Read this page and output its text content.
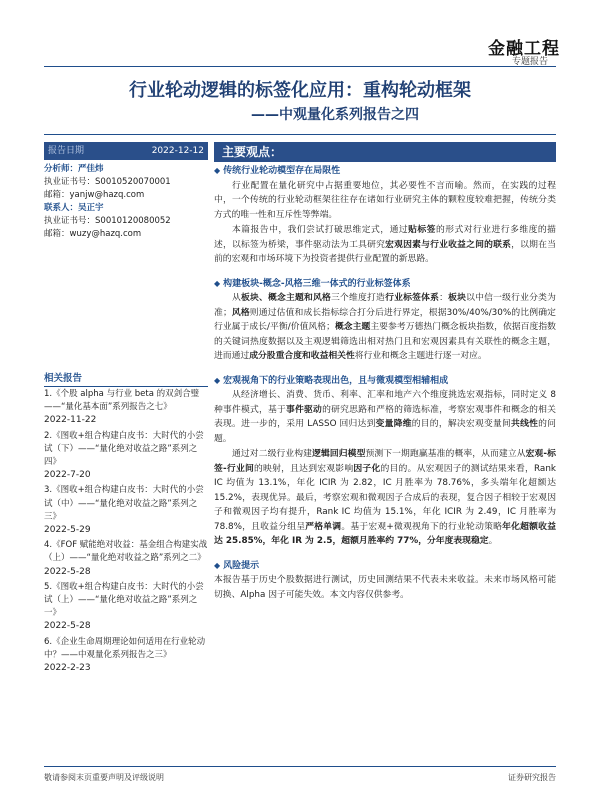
金融工程
专题报告
行业轮动逻辑的标签化应用：重构轮动框架
——中观量化系列报告之四
报告日期	2022-12-12
分析师：严佳炜
执业证书号：S0010520070001
邮箱：yanjw@hazq.com
联系人：吴正宇
执业证书号：S0010120080052
邮箱：wuzy@hazq.com
相关报告
1.《个股 alpha 与行业 beta 的双剑合璧——“量化基本面”系列报告之七》
2022-11-22
2.《图收+组合构建白皮书：大时代的小尝试（下）——“量化绝对收益之路”系列之四》
2022-7-20
3.《图收+组合构建白皮书：大时代的小尝试（中）——“量化绝对收益之路”系列之三》
2022-5-29
4.《FOF 赋能绝对收益：基金组合构建实战（上）——“量化绝对收益之路”系列之二》
2022-5-28
5.《图收+组合构建白皮书：大时代的小尝试（上）——“量化绝对收益之路”系列之一》
2022-5-28
6.《企业生命周期理论如何适用在行业轮动中？——中观量化系列报告之三》
2022-2-23
主要观点：
◆ 传统行业轮动模型存在局限性

行业配置在量化研究中占据重要地位，其必要性不言而喻。然而，在实践的过程中，一个传统的行业轮动框架往往存在诸如行业研究主体的颗粒度较难把握，传统分类方式的唯一性和互斥性等弊端。

本篇报告中，我们尝试打破思维定式，通过贴标签的形式对行业进行多维度的描述，以标签为桥梁，事件驱动法为工具研究宏观因素与行业收益之间的联系，以期在当前的宏观和市场环境下为投资者提供行业配置的新思路。

◆ 构建板块-概念-风格三维一体式的行业标签体系

从板块、概念主题和风格三个维度打造行业标签体系：板块以中信一级行业分类为准；风格则通过估值和成长指标综合打分后进行界定，根据30%/40%/30%的比例确定行业属于成长/平衡/价值风格；概念主题主要参考万德热门概念板块指数，依据百度指数的关键词热度数据以及主观逻辑筛选出相对热门且和宏观因素具有关联性的概念主题，进而通过成分股重合度和收益相关性将行业和概念主题进行逐一对应。

◆ 宏观视角下的行业策略表现出色，且与微观模型相辅相成

从经济增长、消费、货币、利率、汇率和地产六个维度挑选宏观指标，同时定义 8 种事件模式，基于事件驱动的研究思路和严格的筛选标准，考察宏观事件和概念的相关表现。进一步的，采用 LASSO 回归达到变量降维的目的，解决宏观变量间共线性的问题。

通过对二级行业构建逻辑回归模型预测下一期跑赢基准的概率，从而建立从宏观-标签-行业间的映射，且达到宏观影响因子化的目的。从宏观因子的测试结果来看，Rank IC 均值为 13.1%，年化 ICIR 为 2.82，IC 月胜率为 78.76%，多头端年化超额达 15.2%，表现优异。最后，考察宏观和微观因子合成后的表现，复合因子相较于宏观因子和微观因子均有提升，Rank IC 均值为 15.1%，年化 ICIR 为 2.49，IC 月胜率为 78.8%，且收益分组呈严格单调。基于宏观+微观视角下的行业轮动策略年化超额收益达 25.85%，年化 IR 为 2.5，超额月胜率约 77%，分年度表现稳定。

◆ 风险提示

本报告基于历史个股数据进行测试，历史回测结果不代表未来收益。未来市场风格可能切换、Alpha 因子可能失效。本文内容仅供参考。

敬请参阅末页重要声明及评级说明	证券研究报告
